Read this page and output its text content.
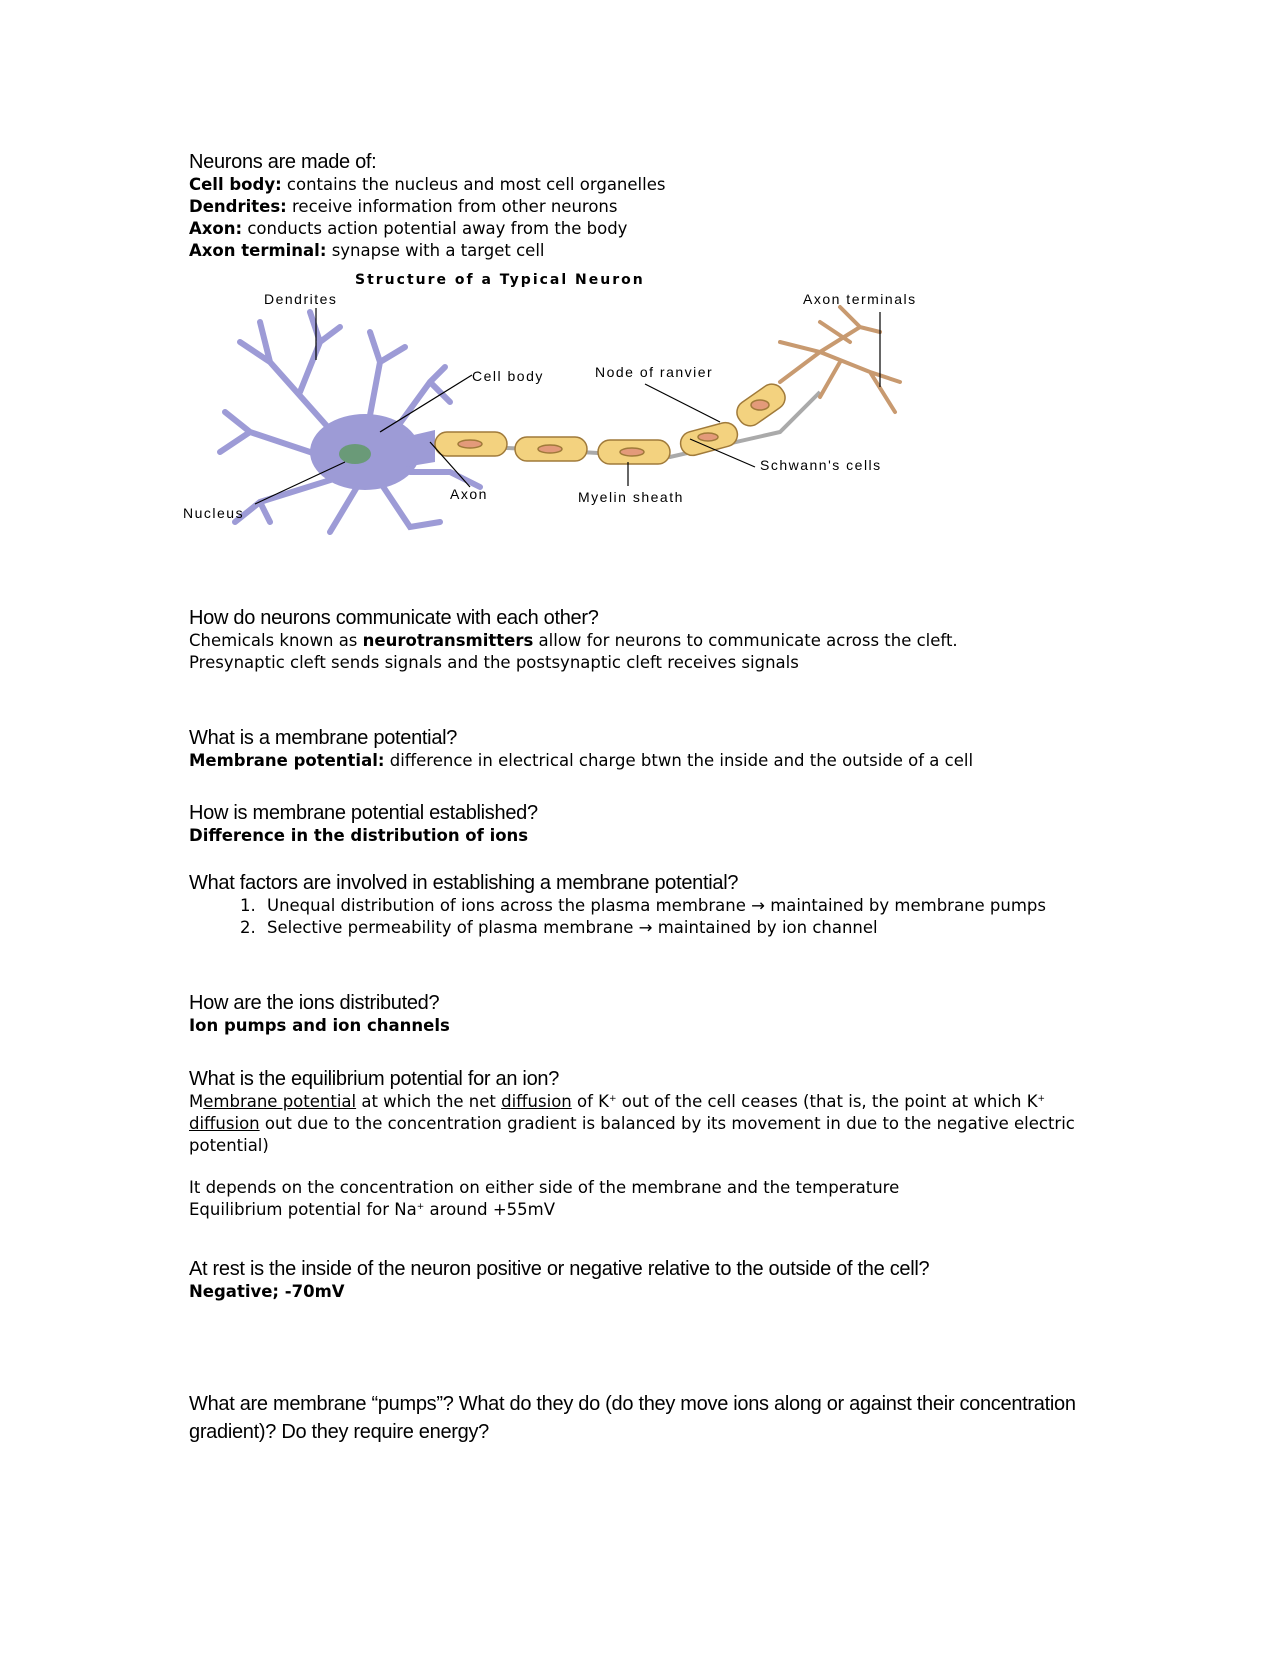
Neurons are made of:
Cell body: contains the nucleus and most cell organelles
Dendrites: receive information from other neurons
Axon: conducts action potential away from the body
Axon terminal: synapse with a target cell
Structure of a Typical Neuron
Dendrites	Axon terminals
Cell body	Node of ranvier
Schwann's cells
Axon	Myelin sheath
Nucleus
How do neurons communicate with each other?
Chemicals known as neurotransmitters allow for neurons to communicate across the cleft.
Presynaptic cleft sends signals and the postsynaptic cleft receives signals
What is a membrane potential?
Membrane potential: difference in electrical charge btwn the inside and the outside of a cell
How is membrane potential established?
Difference in the distribution of ions
What factors are involved in establishing a membrane potential?
1. Unequal distribution of ions across the plasma membrane → maintained by membrane pumps
2. Selective permeability of plasma membrane → maintained by ion channel
How are the ions distributed?
Ion pumps and ion channels
What is the equilibrium potential for an ion?
Membrane potential at which the net diffusion of K+ out of the cell ceases (that is, the point at which K+ diffusion out due to the concentration gradient is balanced by its movement in due to the negative electric potential)
It depends on the concentration on either side of the membrane and the temperature
Equilibrium potential for Na+ around +55mV
At rest is the inside of the neuron positive or negative relative to the outside of the cell?
Negative; -70mV
What are membrane “pumps”? What do they do (do they move ions along or against their concentration gradient)? Do they require energy?
